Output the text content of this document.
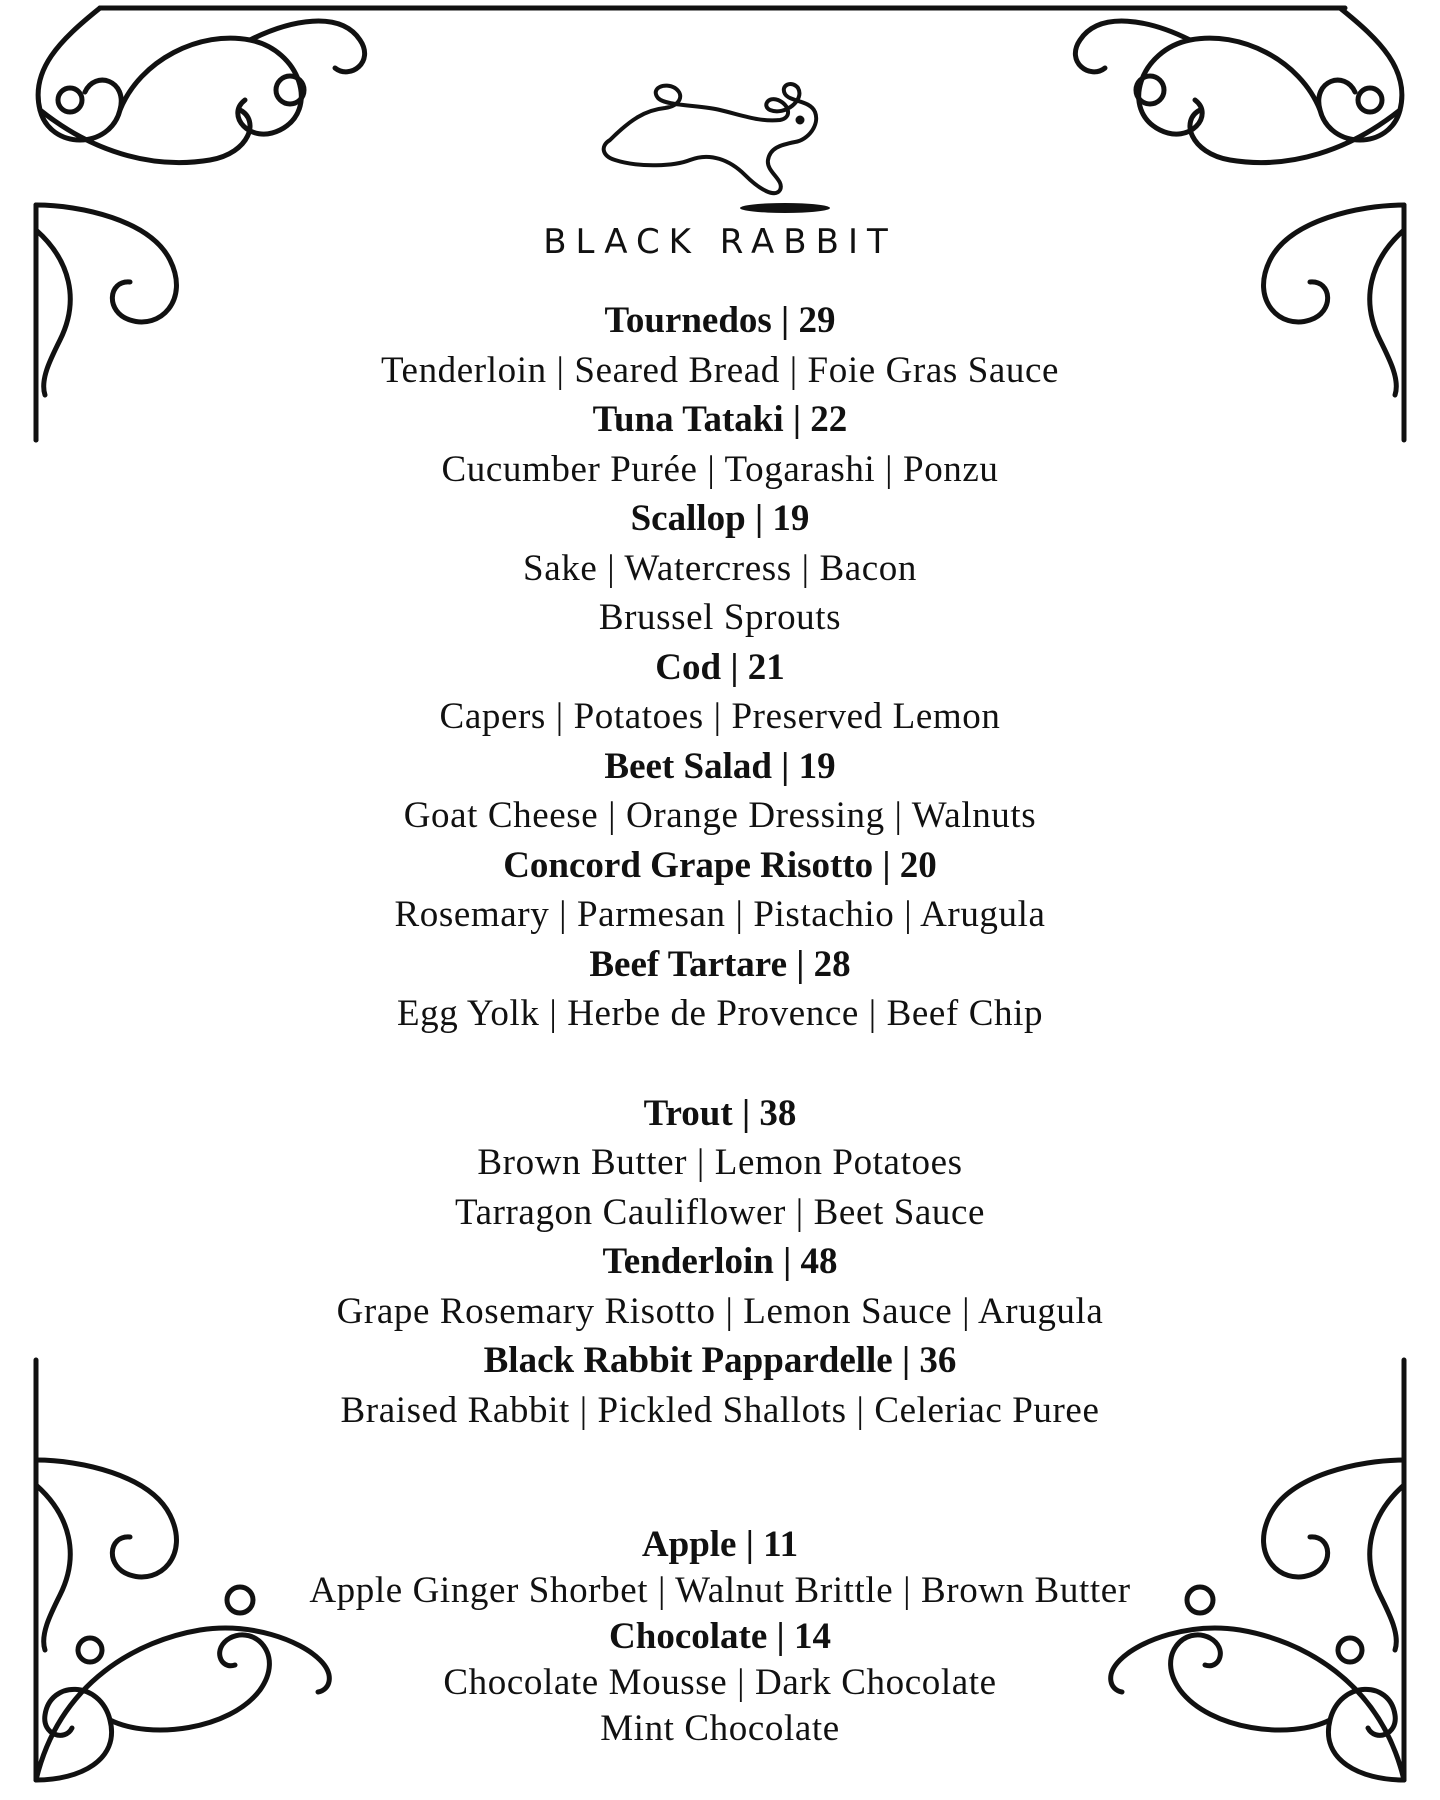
BLACK RABBIT
Tournedos | 29
Tenderloin | Seared Bread | Foie Gras Sauce
Tuna Tataki | 22
Cucumber Purée | Togarashi | Ponzu
Scallop | 19
Sake | Watercress | Bacon
Brussel Sprouts
Cod | 21
Capers | Potatoes | Preserved Lemon
Beet Salad | 19
Goat Cheese | Orange Dressing | Walnuts
Concord Grape Risotto | 20
Rosemary | Parmesan | Pistachio | Arugula
Beef Tartare | 28
Egg Yolk | Herbe de Provence | Beef Chip
Trout | 38
Brown Butter | Lemon Potatoes
Tarragon Cauliflower | Beet Sauce
Tenderloin | 48
Grape Rosemary Risotto | Lemon Sauce | Arugula
Black Rabbit Pappardelle | 36
Braised Rabbit | Pickled Shallots | Celeriac Puree
Apple | 11
Apple Ginger Shorbet | Walnut Brittle | Brown Butter
Chocolate | 14
Chocolate Mousse | Dark Chocolate
Mint Chocolate
